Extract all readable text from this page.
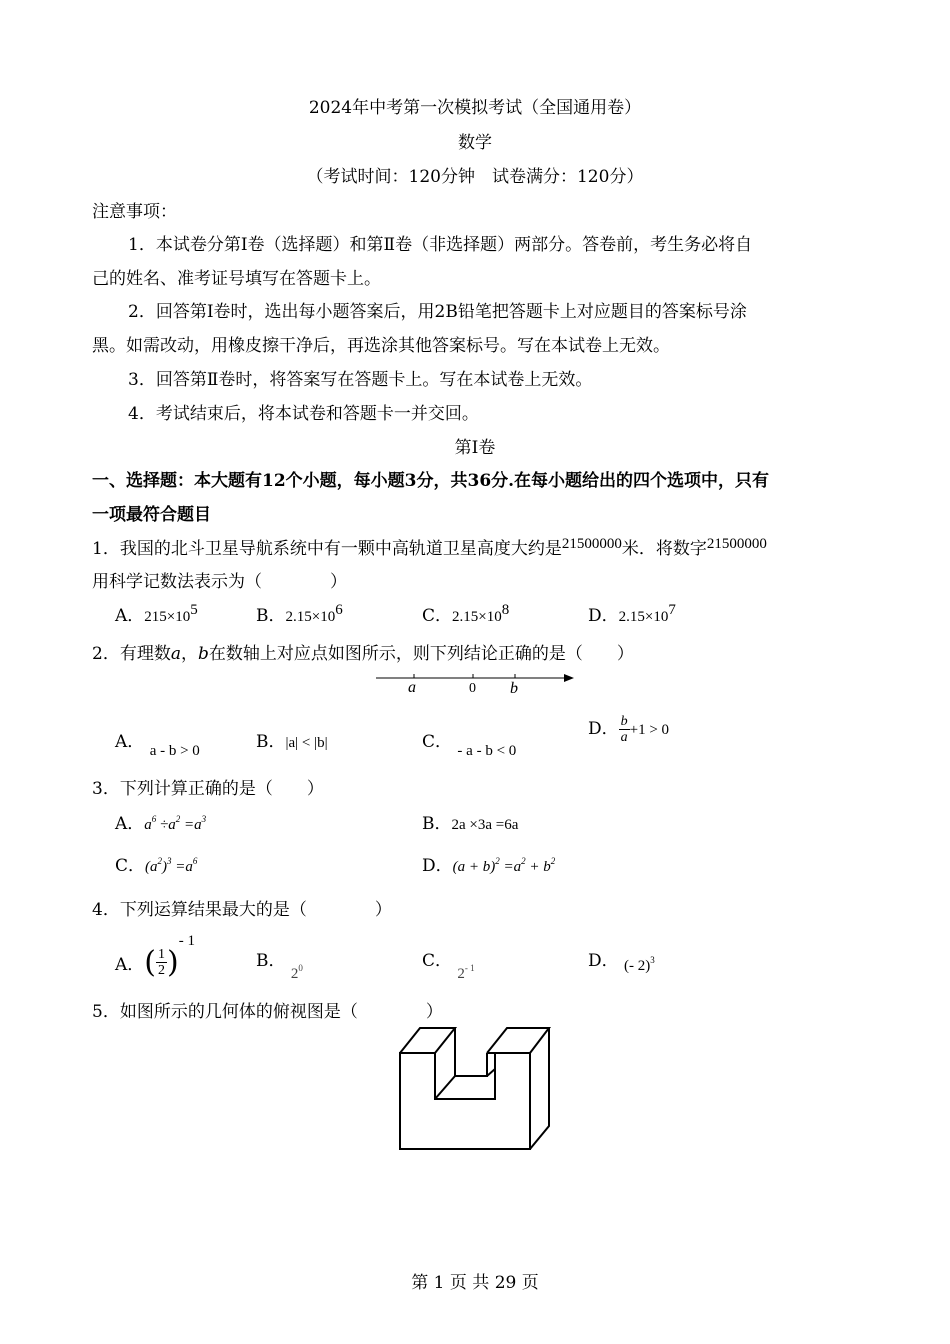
2024年中考第一次模拟考试（全国通用卷）
数学
（考试时间：120分钟　试卷满分：120分）
注意事项：
1．本试卷分第Ⅰ卷（选择题）和第Ⅱ卷（非选择题）两部分。答卷前，考生务必将自
己的姓名、准考证号填写在答题卡上。
2．回答第Ⅰ卷时，选出每小题答案后，用2B铅笔把答题卡上对应题目的答案标号涂
黑。如需改动，用橡皮擦干净后，再选涂其他答案标号。写在本试卷上无效。
3．回答第Ⅱ卷时，将答案写在答题卡上。写在本试卷上无效。
4．考试结束后，将本试卷和答题卡一并交回。
第Ⅰ卷
一、选择题：本大题有12个小题，每小题3分，共36分.在每小题给出的四个选项中，只有
一项最符合题目
1．我国的北斗卫星导航系统中有一颗中高轨道卫星高度大约是21500000米．将数字21500000
用科学记数法表示为（　　　　）
A．$215\times 10^5$	B．$2.15\times 10^6$	C．$2.15\times 10^8$	D．$2.15\times 10^7$
2．有理数a，b在数轴上对应点如图所示，则下列结论正确的是（　　）
a	0 b
A． a - b > 0	B．|a| < |b|	C． - a - b < 0
D． $\frac{b}{a} +1 > 0$
3．下列计算正确的是（　　）
A．$a^6 \div a^2 =a^3$	B．2a ×3a =6a
C．$(a^2)^3 =a^6$	D．$(a + b)^2 =a^2 + b^2$
4．下列运算结果最大的是（　　　　）
A．( $\frac{1}{2} )^{- 1}$
B． $2^0$	C． $2^{- 1}$	D． (- 2)$^3$
5．如图所示的几何体的俯视图是（　　　　）
第 1 页 共 29 页
